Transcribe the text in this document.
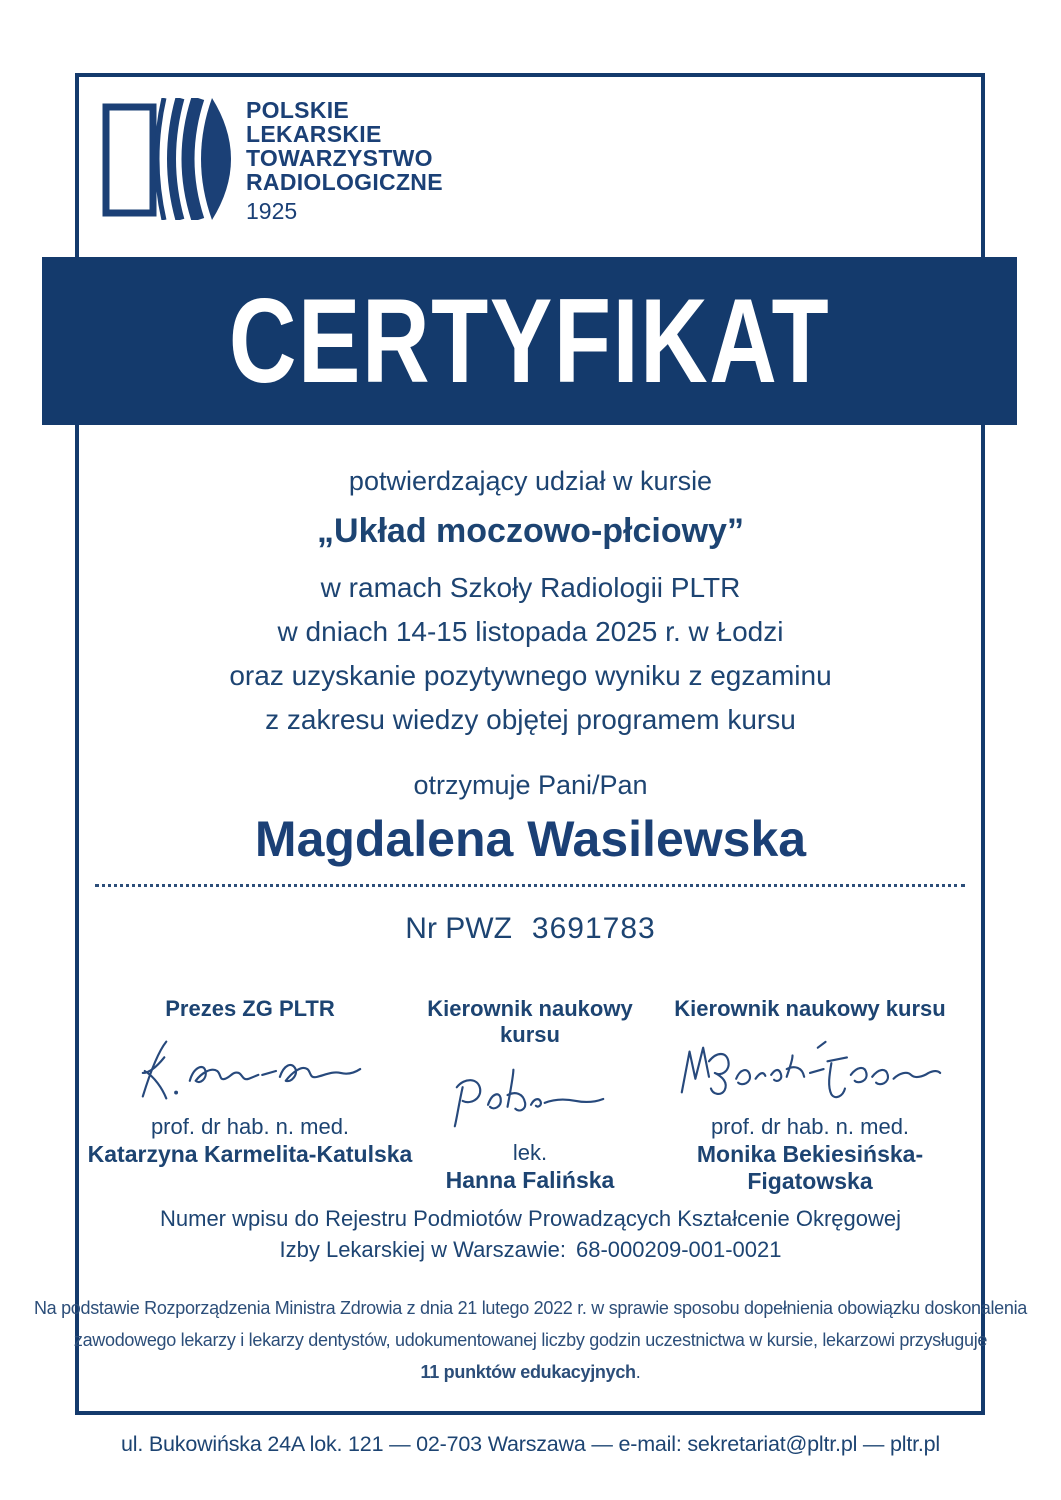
POLSKIE
LEKARSKIE
TOWARZYSTWO
RADIOLOGICZNE
1925
CERTYFIKAT
potwierdzający udział w kursie
„Układ moczowo-płciowy”
w ramach Szkoły Radiologii PLTR
w dniach 14-15 listopada 2025 r. w Łodzi
oraz uzyskanie pozytywnego wyniku z egzaminu
z zakresu wiedzy objętej programem kursu
otrzymuje Pani/Pan
Magdalena Wasilewska
Nr PWZ 3691783
Prezes ZG PLTR
prof. dr hab. n. med.
Katarzyna Karmelita-Katulska
Kierownik naukowy kursu
lek.
Hanna Falińska
Kierownik naukowy kursu
prof. dr hab. n. med.
Monika Bekiesińska-Figatowska
Numer wpisu do Rejestru Podmiotów Prowadzących Kształcenie Okręgowej
Izby Lekarskiej w Warszawie: 68-000209-001-0021
Na podstawie Rozporządzenia Ministra Zdrowia z dnia 21 lutego 2022 r. w sprawie sposobu dopełnienia obowiązku doskonalenia
zawodowego lekarzy i lekarzy dentystów, udokumentowanej liczby godzin uczestnictwa w kursie, lekarzowi przysługuje
11 punktów edukacyjnych.
ul. Bukowińska 24A lok. 121 — 02-703 Warszawa — e-mail: sekretariat@pltr.pl — pltr.pl
